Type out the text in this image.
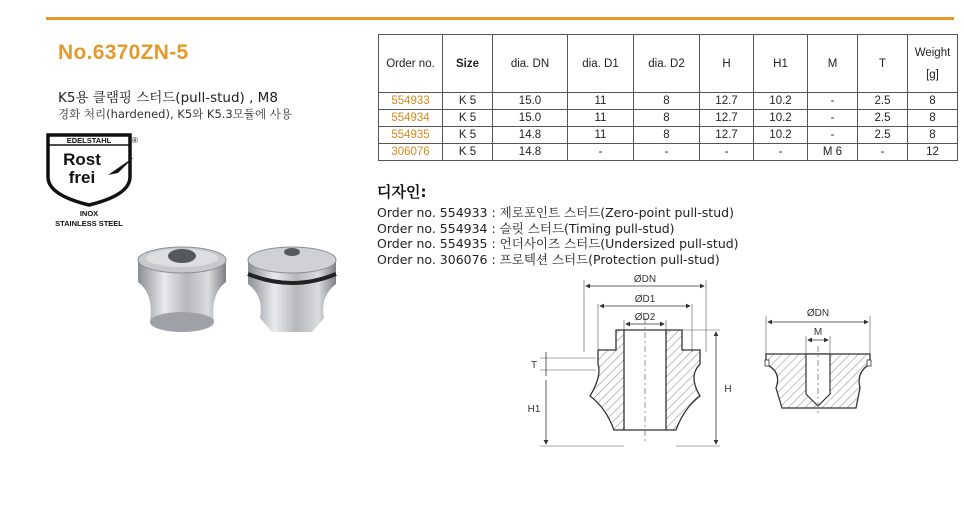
No.6370ZN-5
K5용 클램핑 스터드(pull-stud) , M8
경화 처리(hardened), K5와 K5.3모듈에 사용
EDELSTAHL	®
Rost
frei
INOX
STAINLESS STEEL
Order no.	Size	dia. DN	dia. D1	dia. D2	H	H1	M	T	Weight
[g]

554933	K 5	15.0	11	8	12.7	10.2	-	2.5	8
554934	K 5	15.0	11	8	12.7	10.2	-	2.5	8
554935	K 5	14.8	11	8	12.7	10.2	-	2.5	8
306076	K 5	14.8	-	-	-	-	M 6	-	12
디자인:
Order no. 554933 : 제로포인트 스터드(Zero-point pull-stud)
Order no. 554934 : 슬릿 스터드(Timing pull-stud)
Order no. 554935 : 언더사이즈 스터드(Undersized pull-stud)
Order no. 306076 : 프로텍션 스터드(Protection pull-stud)
ØDN
ØD1
ØD2
T
H1
H
ØDN
M
